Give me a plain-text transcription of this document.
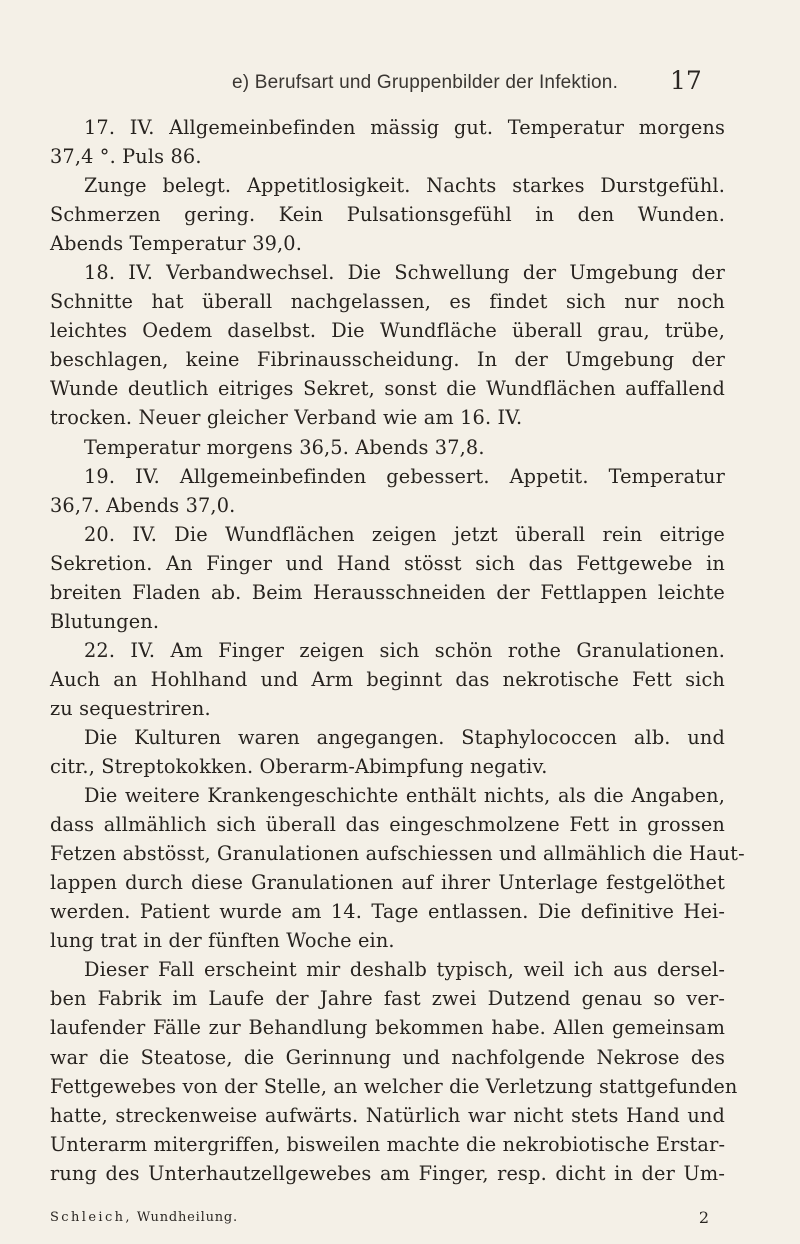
e) Berufsart und Gruppenbilder der Infektion. 17
17. IV. Allgemeinbefinden mässig gut. Temperatur morgens
37,4 °. Puls 86.
Zunge belegt. Appetitlosigkeit. Nachts starkes Durstgefühl.
Schmerzen gering. Kein Pulsationsgefühl in den Wunden.
Abends Temperatur 39,0.
18. IV. Verbandwechsel. Die Schwellung der Umgebung der
Schnitte hat überall nachgelassen, es findet sich nur noch
leichtes Oedem daselbst. Die Wundfläche überall grau, trübe,
beschlagen, keine Fibrinausscheidung. In der Umgebung der
Wunde deutlich eitriges Sekret, sonst die Wundflächen auffallend
trocken. Neuer gleicher Verband wie am 16. IV.
Temperatur morgens 36,5. Abends 37,8.
19. IV. Allgemeinbefinden gebessert. Appetit. Temperatur
36,7. Abends 37,0.
20. IV. Die Wundflächen zeigen jetzt überall rein eitrige
Sekretion. An Finger und Hand stösst sich das Fettgewebe in
breiten Fladen ab. Beim Herausschneiden der Fettlappen leichte
Blutungen.
22. IV. Am Finger zeigen sich schön rothe Granulationen.
Auch an Hohlhand und Arm beginnt das nekrotische Fett sich
zu sequestriren.
Die Kulturen waren angegangen. Staphylococcen alb. und
citr., Streptokokken. Oberarm-Abimpfung negativ.
Die weitere Krankengeschichte enthält nichts, als die Angaben,
dass allmählich sich überall das eingeschmolzene Fett in grossen
Fetzen abstösst, Granulationen aufschiessen und allmählich die Haut-
lappen durch diese Granulationen auf ihrer Unterlage festgelöthet
werden. Patient wurde am 14. Tage entlassen. Die definitive Hei-
lung trat in der fünften Woche ein.
Dieser Fall erscheint mir deshalb typisch, weil ich aus dersel-
ben Fabrik im Laufe der Jahre fast zwei Dutzend genau so ver-
laufender Fälle zur Behandlung bekommen habe. Allen gemeinsam
war die Steatose, die Gerinnung und nachfolgende Nekrose des
Fettgewebes von der Stelle, an welcher die Verletzung stattgefunden
hatte, streckenweise aufwärts. Natürlich war nicht stets Hand und
Unterarm mitergriffen, bisweilen machte die nekrobiotische Erstar-
rung des Unterhautzellgewebes am Finger, resp. dicht in der Um-
Schleich, Wundheilung.	2
